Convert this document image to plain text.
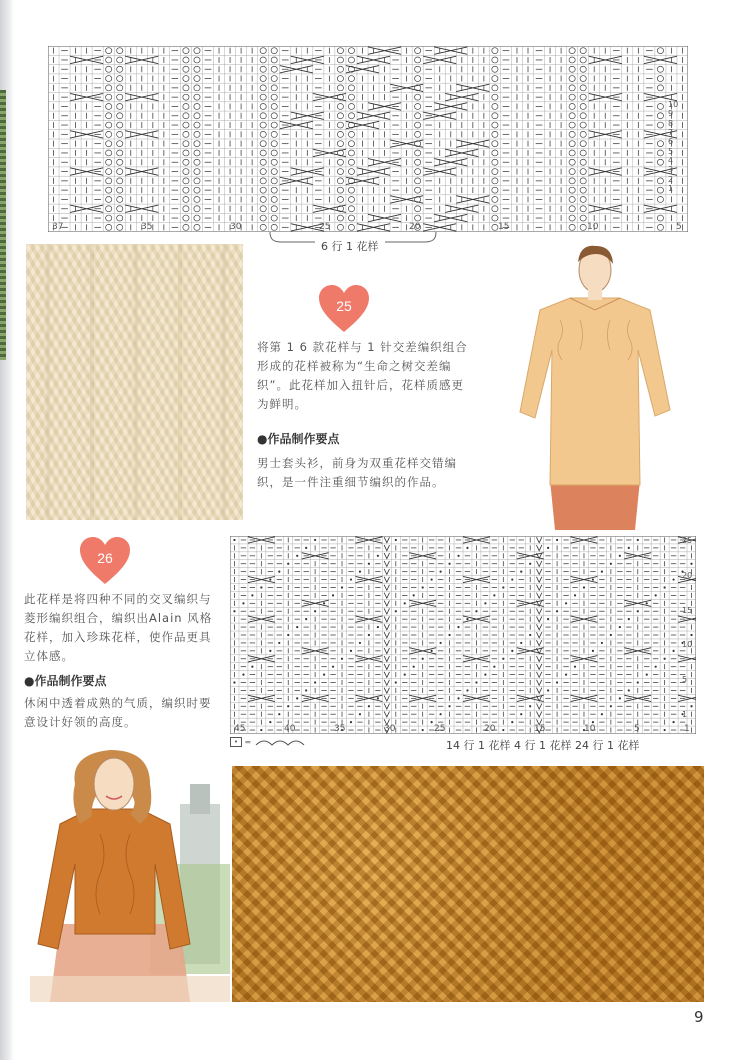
37	35	30	25	20	15	10	5
10
9
8
7
6
5
4
3
2
1
6 行 1 花样
25
将第 1 6 款花样与 1 针交差编织组合形成的花样被称为“生命之树交差编织”。此花样加入扭针后，花样质感更为鲜明。
●作品制作要点
男士套头衫，前身为双重花样交错编织，是一件注重细节编织的作品。
26
此花样是将四种不同的交叉编织与菱形编织组合，编织出Alain 风格花样，加入珍珠花样，使作品更具立体感。
●作品制作要点
休闲中透着成熟的气质，编织时要意设计好领的高度。	45	40	35	30	25	20	15	10	5	1
25
20
15
10
5
1
• =	14 行 1 花样 4 行 1 花样 24 行 1 花样
9
